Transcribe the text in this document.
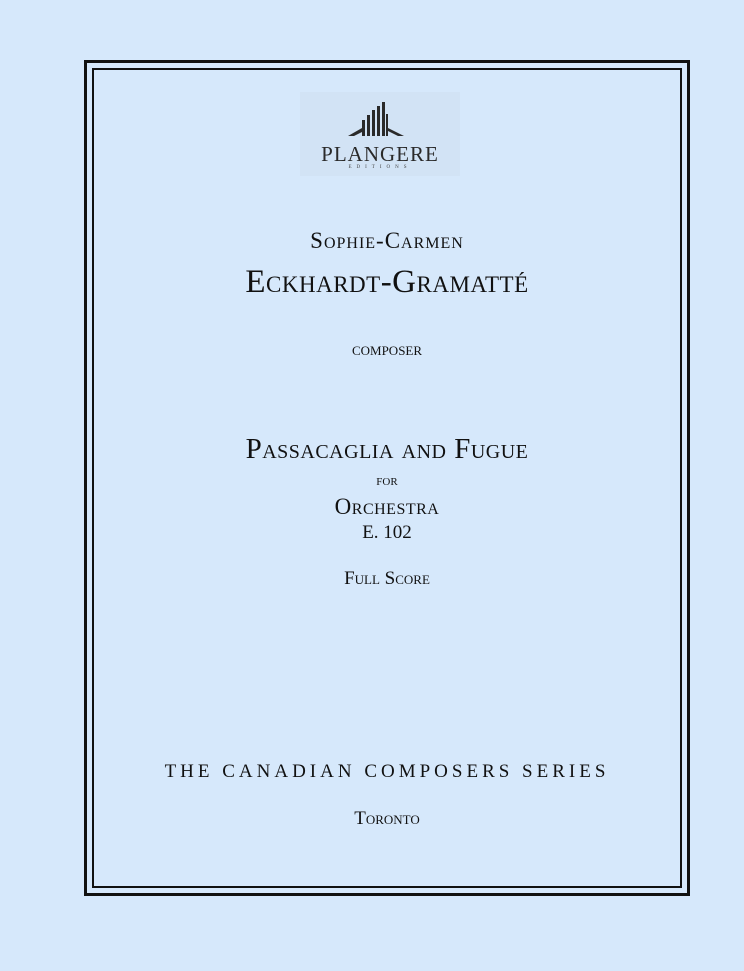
PLANGERE
EDITIONS
Sophie-Carmen
Eckhardt-Gramatté
composer
Passacaglia and Fugue
for
Orchestra
E. 102
Full Score
THE CANADIAN COMPOSERS SERIES
Toronto
